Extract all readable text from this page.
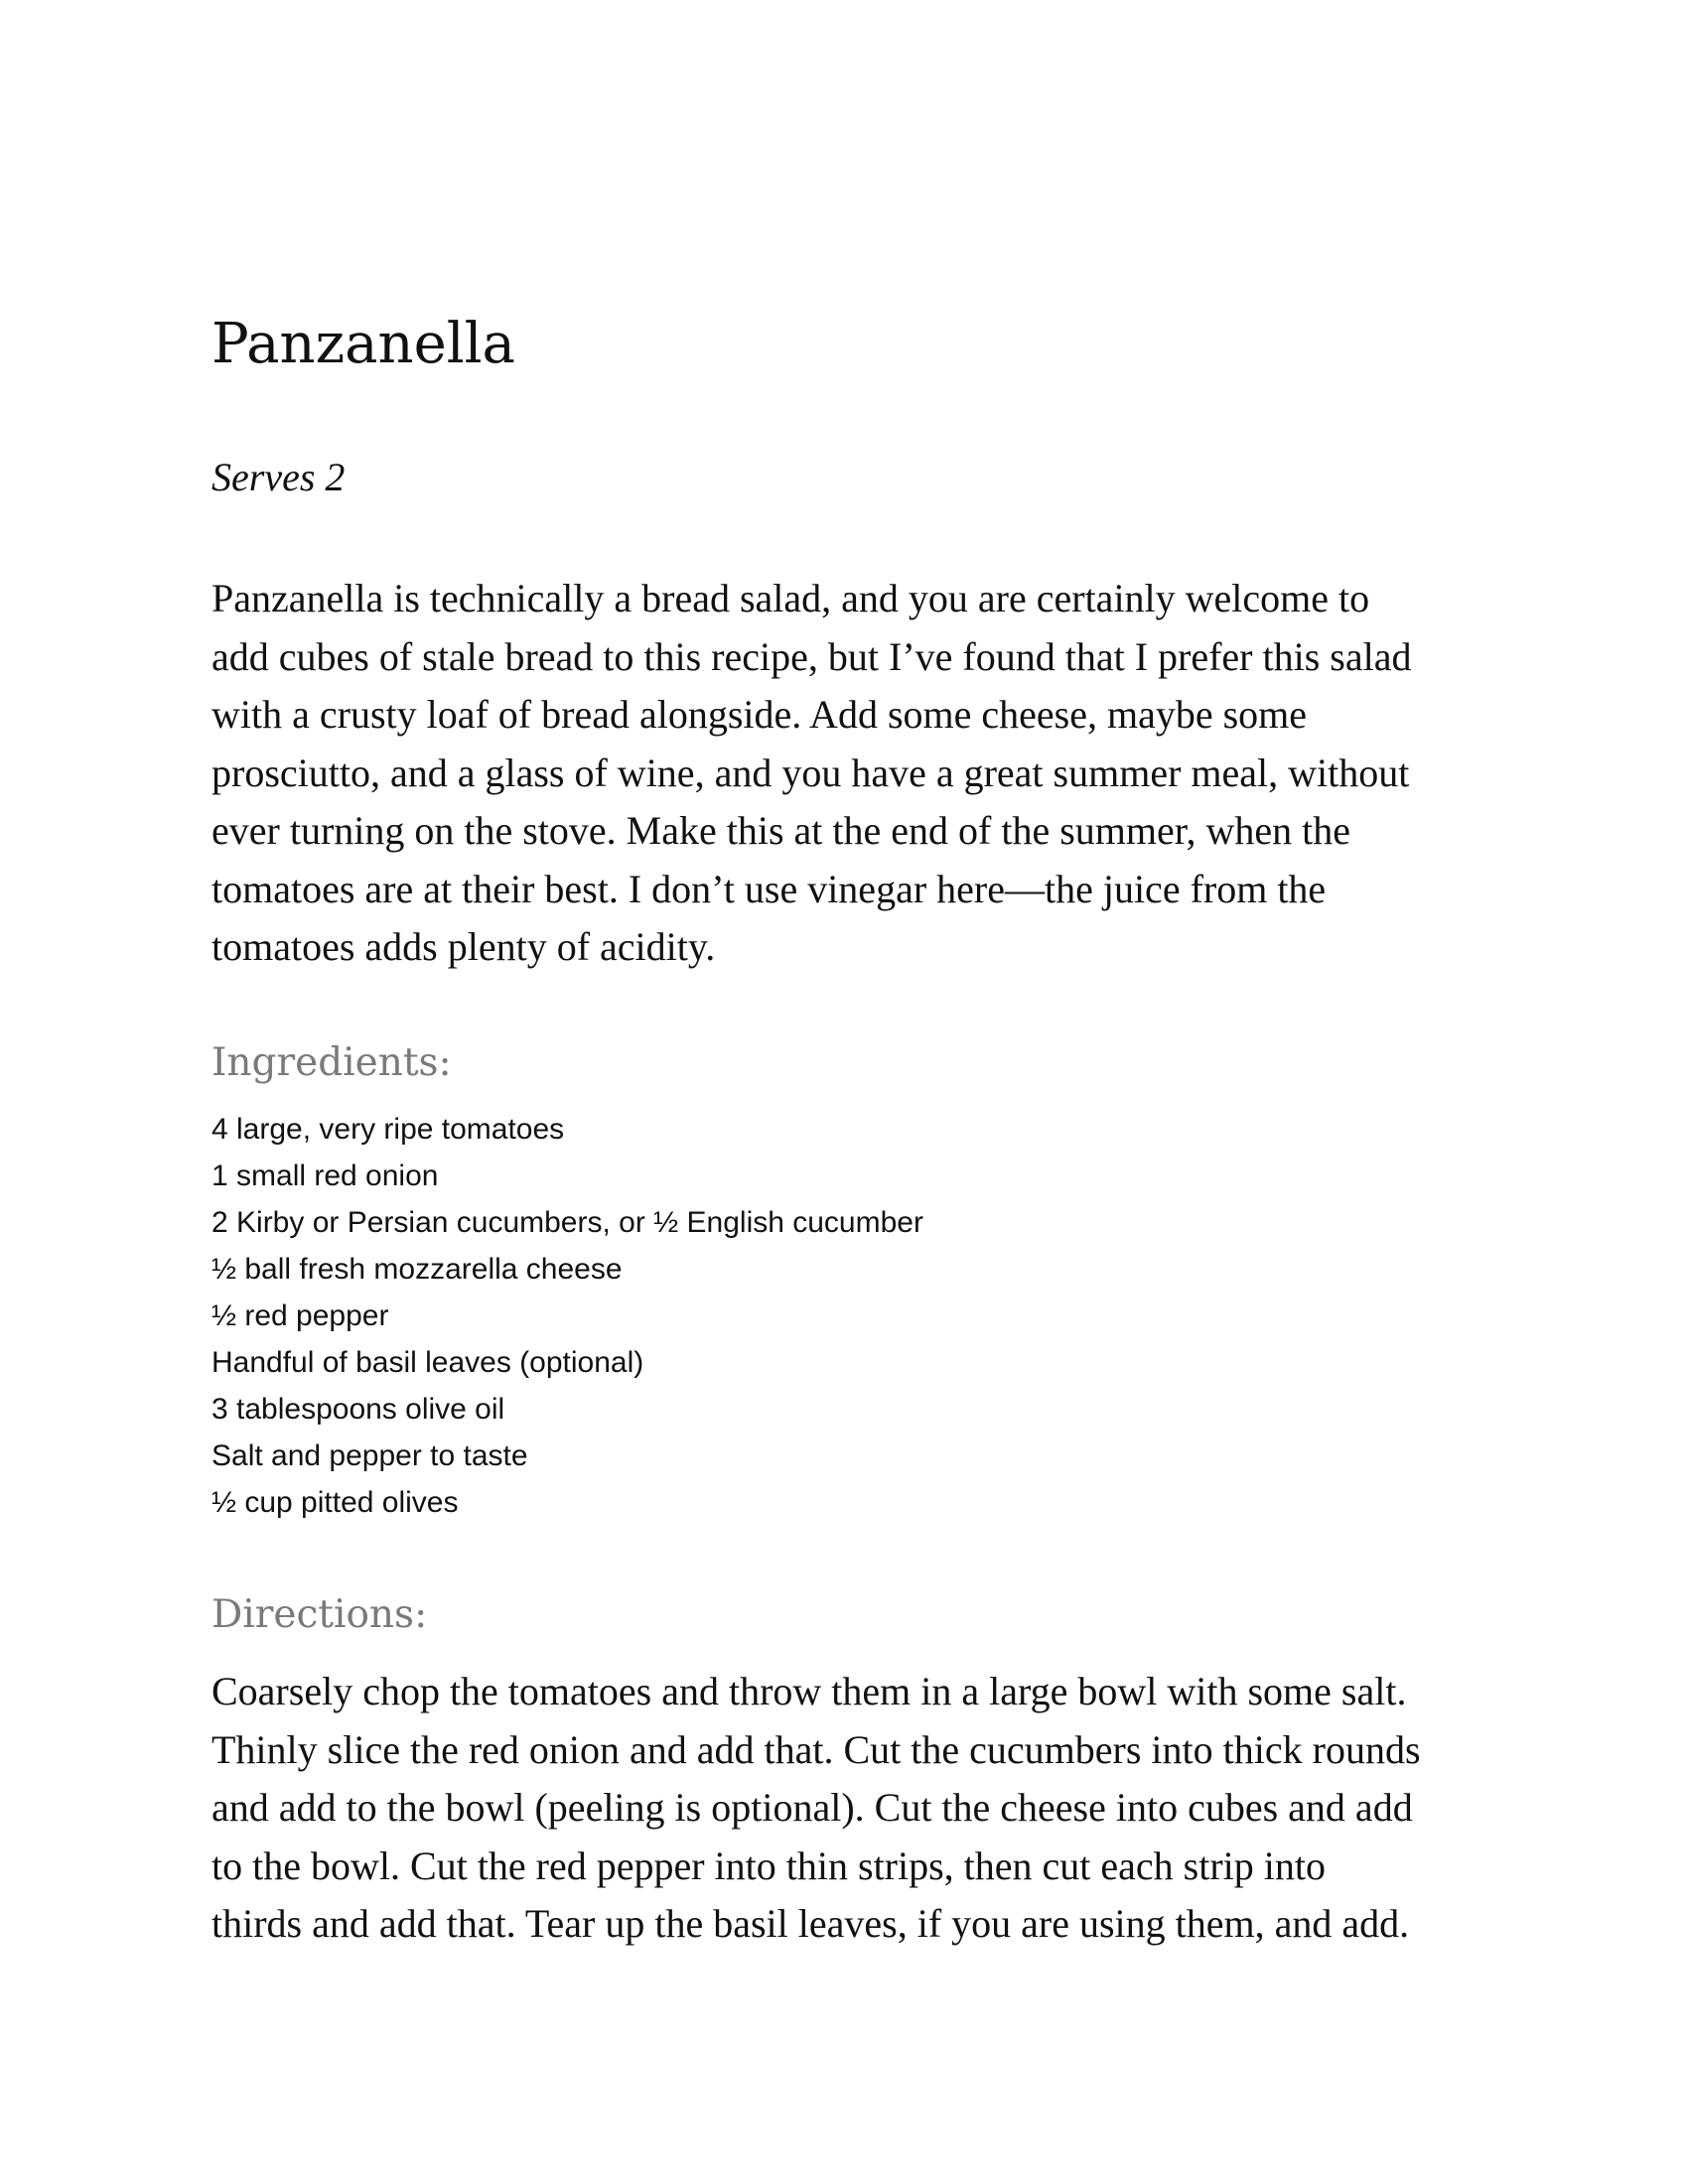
Panzanella

Serves 2

Panzanella is technically a bread salad, and you are certainly welcome to
add cubes of stale bread to this recipe, but I’ve found that I prefer this salad
with a crusty loaf of bread alongside. Add some cheese, maybe some
prosciutto, and a glass of wine, and you have a great summer meal, without
ever turning on the stove. Make this at the end of the summer, when the
tomatoes are at their best. I don’t use vinegar here—the juice from the
tomatoes adds plenty of acidity.

Ingredients:
4 large, very ripe tomatoes
1 small red onion
2 Kirby or Persian cucumbers, or ½ English cucumber
½ ball fresh mozzarella cheese
½ red pepper
Handful of basil leaves (optional)
3 tablespoons olive oil
Salt and pepper to taste
½ cup pitted olives
Directions:

Coarsely chop the tomatoes and throw them in a large bowl with some salt.
Thinly slice the red onion and add that. Cut the cucumbers into thick rounds
and add to the bowl (peeling is optional). Cut the cheese into cubes and add
to the bowl. Cut the red pepper into thin strips, then cut each strip into
thirds and add that. Tear up the basil leaves, if you are using them, and add.
